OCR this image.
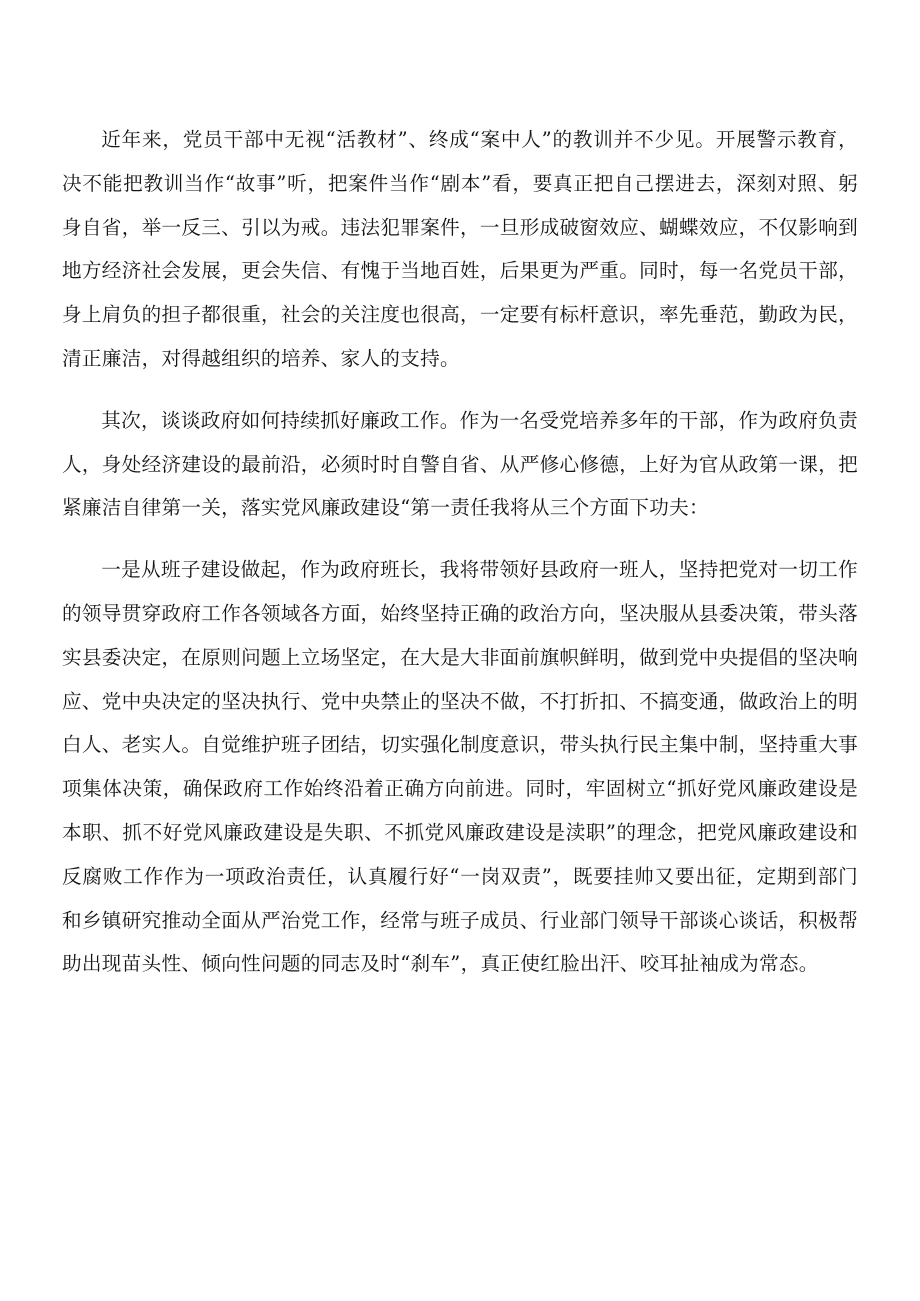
近年来，党员干部中无视“活教材”、终成“案中人”的教训并不少见。开展警示教育，决不能把教训当作“故事”听，把案件当作“剧本”看，要真正把自己摆进去，深刻对照、躬身自省，举一反三、引以为戒。违法犯罪案件，一旦形成破窗效应、蝴蝶效应，不仅影响到地方经济社会发展，更会失信、有愧于当地百姓，后果更为严重。同时，每一名党员干部，身上肩负的担子都很重，社会的关注度也很高，一定要有标杆意识，率先垂范，勤政为民，清正廉洁，对得越组织的培养、家人的支持。

其次，谈谈政府如何持续抓好廉政工作。作为一名受党培养多年的干部，作为政府负责人，身处经济建设的最前沿，必须时时自警自省、从严修心修德，上好为官从政第一课，把紧廉洁自律第一关，落实党风廉政建设“第一责任我将从三个方面下功夫：

一是从班子建设做起，作为政府班长，我将带领好县政府一班人，坚持把党对一切工作的领导贯穿政府工作各领域各方面，始终坚持正确的政治方向，坚决服从县委决策，带头落实县委决定，在原则问题上立场坚定，在大是大非面前旗帜鲜明，做到党中央提倡的坚决响应、党中央决定的坚决执行、党中央禁止的坚决不做，不打折扣、不搞变通，做政治上的明白人、老实人。自觉维护班子团结，切实强化制度意识，带头执行民主集中制，坚持重大事项集体决策，确保政府工作始终沿着正确方向前进。同时，牢固树立“抓好党风廉政建设是本职、抓不好党风廉政建设是失职、不抓党风廉政建设是渎职”的理念，把党风廉政建设和反腐败工作作为一项政治责任，认真履行好“一岗双责”，既要挂帅又要出征，定期到部门和乡镇研究推动全面从严治党工作，经常与班子成员、行业部门领导干部谈心谈话，积极帮助出现苗头性、倾向性问题的同志及时“刹车”，真正使红脸出汗、咬耳扯袖成为常态。
